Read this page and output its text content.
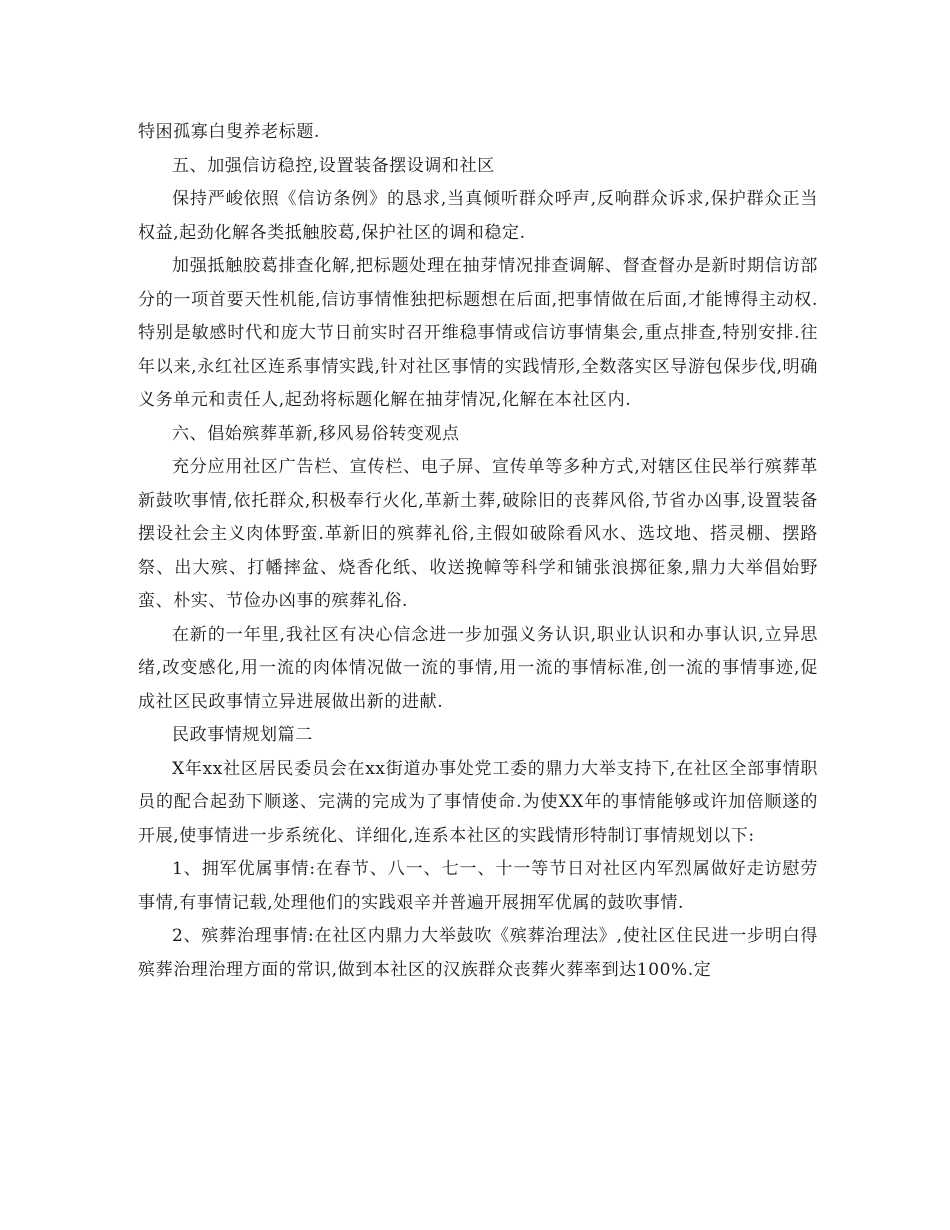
特困孤寡白叟养老标题.

五、加强信访稳控,设置装备摆设调和社区

保持严峻依照《信访条例》的恳求,当真倾听群众呼声,反响群众诉求,保护群众正当权益,起劲化解各类抵触胶葛,保护社区的调和稳定.

加强抵触胶葛排查化解,把标题处理在抽芽情况排查调解、督查督办是新时期信访部分的一项首要天性机能,信访事情惟独把标题想在后面,把事情做在后面,才能博得主动权.特别是敏感时代和庞大节日前实时召开维稳事情或信访事情集会,重点排查,特别安排.往年以来,永红社区连系事情实践,针对社区事情的实践情形,全数落实区导游包保步伐,明确义务单元和责任人,起劲将标题化解在抽芽情况,化解在本社区内.

六、倡始殡葬革新,移风易俗转变观点

充分应用社区广告栏、宣传栏、电子屏、宣传单等多种方式,对辖区住民举行殡葬革新鼓吹事情,依托群众,积极奉行火化,革新土葬,破除旧的丧葬风俗,节省办凶事,设置装备摆设社会主义肉体野蛮.革新旧的殡葬礼俗,主假如破除看风水、选坟地、搭灵棚、摆路祭、出大殡、打幡摔盆、烧香化纸、收送挽幛等科学和铺张浪掷征象,鼎力大举倡始野蛮、朴实、节俭办凶事的殡葬礼俗.

在新的一年里,我社区有决心信念进一步加强义务认识,职业认识和办事认识,立异思绪,改变感化,用一流的肉体情况做一流的事情,用一流的事情标准,创一流的事情事迹,促成社区民政事情立异进展做出新的进献.

民政事情规划篇二

X年xx社区居民委员会在xx街道办事处党工委的鼎力大举支持下,在社区全部事情职员的配合起劲下顺遂、完满的完成为了事情使命.为使XX年的事情能够或许加倍顺遂的开展,使事情进一步系统化、详细化,连系本社区的实践情形特制订事情规划以下:

1、拥军优属事情:在春节、八一、七一、十一等节日对社区内军烈属做好走访慰劳事情,有事情记载,处理他们的实践艰辛并普遍开展拥军优属的鼓吹事情.

2、殡葬治理事情:在社区内鼎力大举鼓吹《殡葬治理法》,使社区住民进一步明白得殡葬治理治理方面的常识,做到本社区的汉族群众丧葬火葬率到达100%.定
